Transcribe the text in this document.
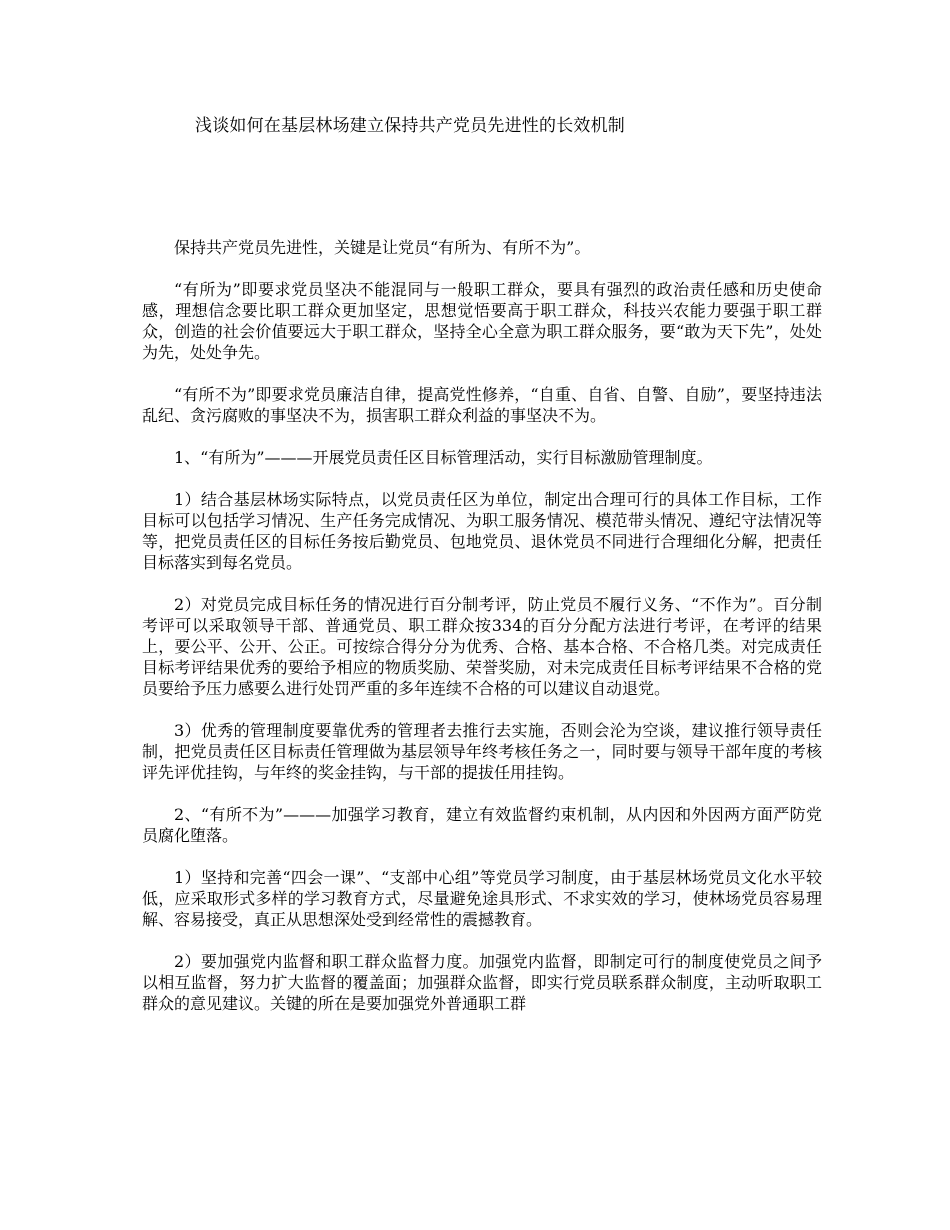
浅谈如何在基层林场建立保持共产党员先进性的长效机制

保持共产党员先进性，关键是让党员“有所为、有所不为”。

“有所为”即要求党员坚决不能混同与一般职工群众，要具有强烈的政治责任感和历史使命感，理想信念要比职工群众更加坚定，思想觉悟要高于职工群众，科技兴农能力要强于职工群众，创造的社会价值要远大于职工群众，坚持全心全意为职工群众服务，要“敢为天下先”，处处为先，处处争先。

“有所不为”即要求党员廉洁自律，提高党性修养，“自重、自省、自警、自励”，要坚持违法乱纪、贪污腐败的事坚决不为，损害职工群众利益的事坚决不为。

1、“有所为”———开展党员责任区目标管理活动，实行目标激励管理制度。

1）结合基层林场实际特点，以党员责任区为单位，制定出合理可行的具体工作目标，工作目标可以包括学习情况、生产任务完成情况、为职工服务情况、模范带头情况、遵纪守法情况等等，把党员责任区的目标任务按后勤党员、包地党员、退休党员不同进行合理细化分解，把责任目标落实到每名党员。

2）对党员完成目标任务的情况进行百分制考评，防止党员不履行义务、“不作为”。百分制考评可以采取领导干部、普通党员、职工群众按334的百分分配方法进行考评，在考评的结果上，要公平、公开、公正。可按综合得分分为优秀、合格、基本合格、不合格几类。对完成责任目标考评结果优秀的要给予相应的物质奖励、荣誉奖励，对未完成责任目标考评结果不合格的党员要给予压力感要么进行处罚严重的多年连续不合格的可以建议自动退党。

3）优秀的管理制度要靠优秀的管理者去推行去实施，否则会沦为空谈，建议推行领导责任制，把党员责任区目标责任管理做为基层领导年终考核任务之一，同时要与领导干部年度的考核评先评优挂钩，与年终的奖金挂钩，与干部的提拔任用挂钩。

2、“有所不为”———加强学习教育，建立有效监督约束机制，从内因和外因两方面严防党员腐化堕落。

1）坚持和完善“四会一课”、“支部中心组”等党员学习制度，由于基层林场党员文化水平较低，应采取形式多样的学习教育方式，尽量避免途具形式、不求实效的学习，使林场党员容易理解、容易接受，真正从思想深处受到经常性的震撼教育。

2）要加强党内监督和职工群众监督力度。加强党内监督，即制定可行的制度使党员之间予以相互监督，努力扩大监督的覆盖面；加强群众监督，即实行党员联系群众制度，主动听取职工群众的意见建议。关键的所在是要加强党外普通职工群
